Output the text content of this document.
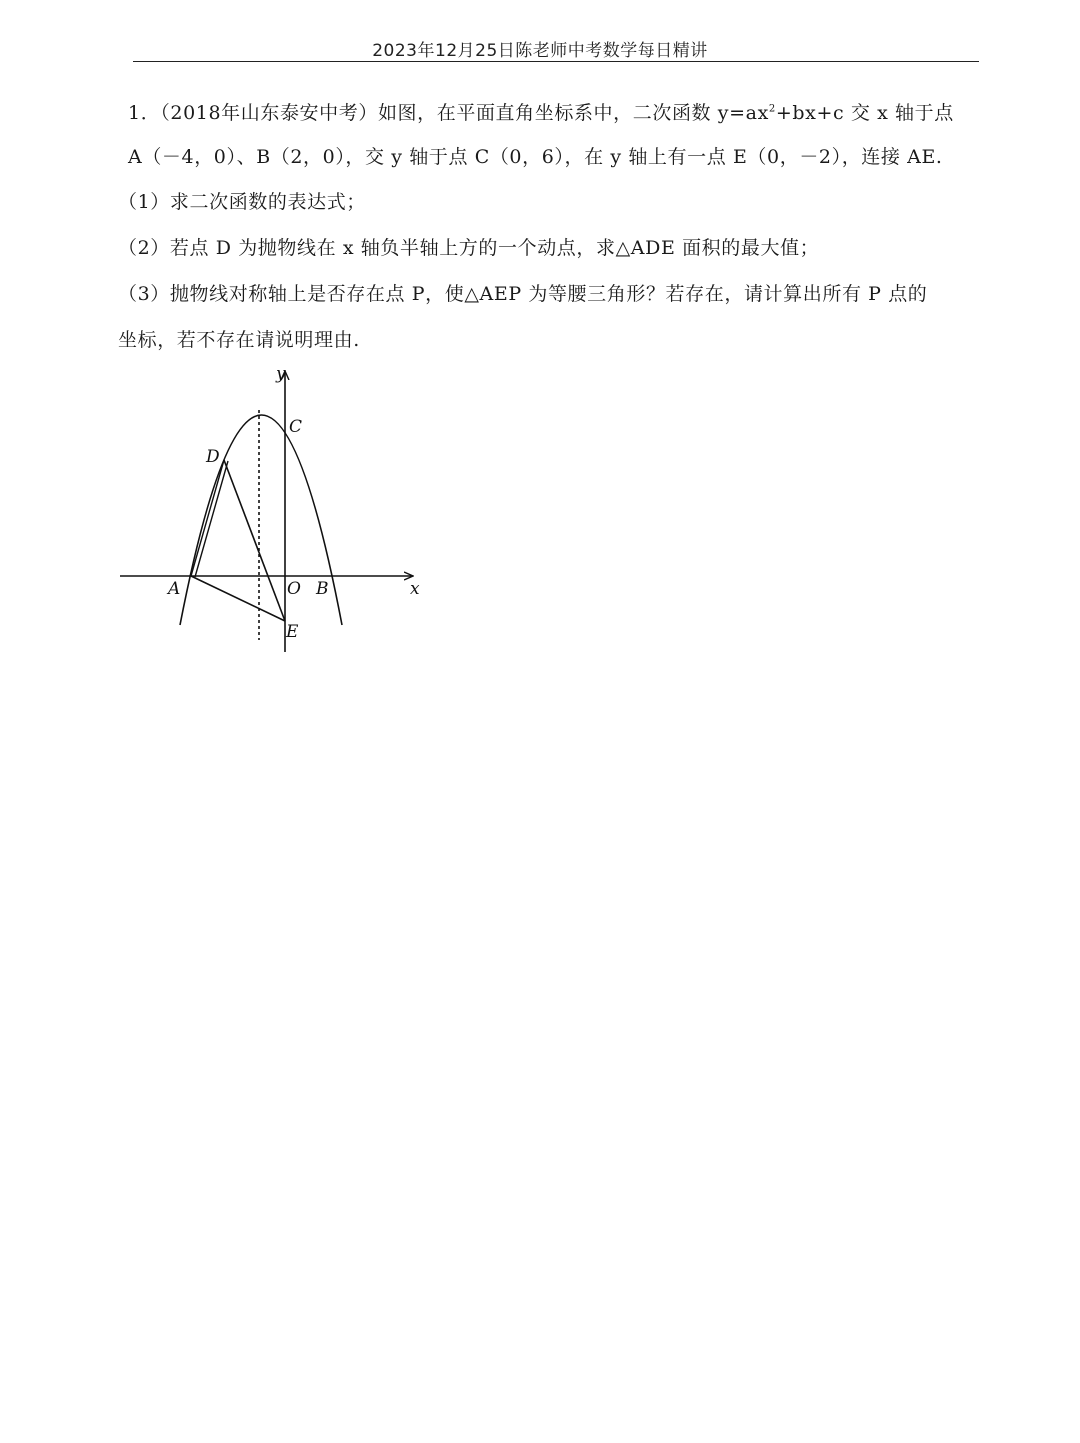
2023年12月25日陈老师中考数学每日精讲
1．（2018年山东泰安中考）如图，在平面直角坐标系中，二次函数 $y=ax^2+bx+c$ 交 x 轴于点
A（－4，0）、B（2，0），交 y 轴于点 C（0，6），在 y 轴上有一点 E（0，－2），连接 AE.
（1）求二次函数的表达式；
（2）若点 D 为抛物线在 x 轴负半轴上方的一个动点，求△ADE 面积的最大值；
（3）抛物线对称轴上是否存在点 P，使△AEP 为等腰三角形？若存在，请计算出所有 P 点的
坐标，若不存在请说明理由.
y
x
C
D
A	O B
E
